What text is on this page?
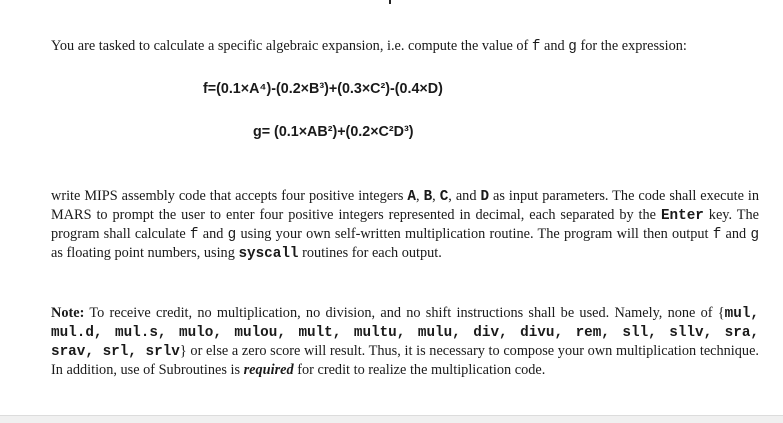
You are tasked to calculate a specific algebraic expansion, i.e. compute the value of f and g for the expression:

f=(0.1×A⁴)-(0.2×B³)+(0.3×C²)-(0.4×D)
g= (0.1×AB²)+(0.2×C²D³)

write MIPS assembly code that accepts four positive integers A, B, C, and D as input parameters. The code shall execute in MARS to prompt the user to enter four positive integers represented in decimal, each separated by the Enter key. The program shall calculate f and g using your own self-written multiplication routine. The program will then output f and g as floating point numbers, using syscall routines for each output.

Note: To receive credit, no multiplication, no division, and no shift instructions shall be used. Namely, none of {mul, mul.d, mul.s, mulo, mulou, mult, multu, mulu, div, divu, rem, sll, sllv, sra, srav, srl, srlv} or else a zero score will result. Thus, it is necessary to compose your own multiplication technique. In addition, use of Subroutines is required for credit to realize the multiplication code.
